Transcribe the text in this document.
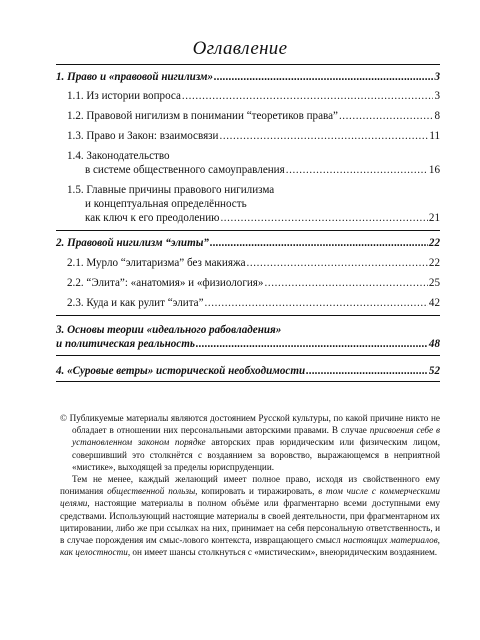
Оглавление
1. Право и «правовой нигилизм» .....	3
1.1. Из истории вопроса .....	3
1.2. Правовой нигилизм в понимании “теоретиков права” .....	8
1.3. Право и Закон: взаимосвязи .....	11
1.4. Законодательство
в системе общественного самоуправления .....	16
1.5. Главные причины правового нигилизма
и концептуальная определённость
как ключ к его преодолению .....	21
2. Правовой нигилизм “элиты” .....	22
2.1. Мурло “элитаризма” без макияжа .....	22
2.2. “Элита”: «анатомия» и «физиология» .....	25
2.3. Куда и как рулит “элита” .....	42
3. Основы теории «идеального рабовладения»
и политическая реальность .....	48
4. «Суровые ветры» исторической необходимости .....	52
© Публикуемые материалы являются достоянием Русской культуры, по какой причине никто не обладает в отношении них персональными авторскими правами. В случае присвоения себе в установленном законом порядке авторских прав юридическим или физическим лицом, совершивший это столкнётся с воздаянием за воровство, выражающемся в неприятной «мистике», выходящей за пределы юриспруденции.

Тем не менее, каждый желающий имеет полное право, исходя из свойственного ему понимания общественной пользы, копировать и тиражировать, в том числе с коммерческими целями, настоящие материалы в полном объёме или фрагментарно всеми доступными ему средствами. Использующий настоящие материалы в своей деятельности, при фрагментарном их цитировании, либо же при ссылках на них, принимает на себя персональную ответственность, и в случае порождения им смыс-лового контекста, извращающего смысл настоящих материалов, как целостности, он имеет шансы столкнуться с «мистическим», внеюридическим воздаянием.
